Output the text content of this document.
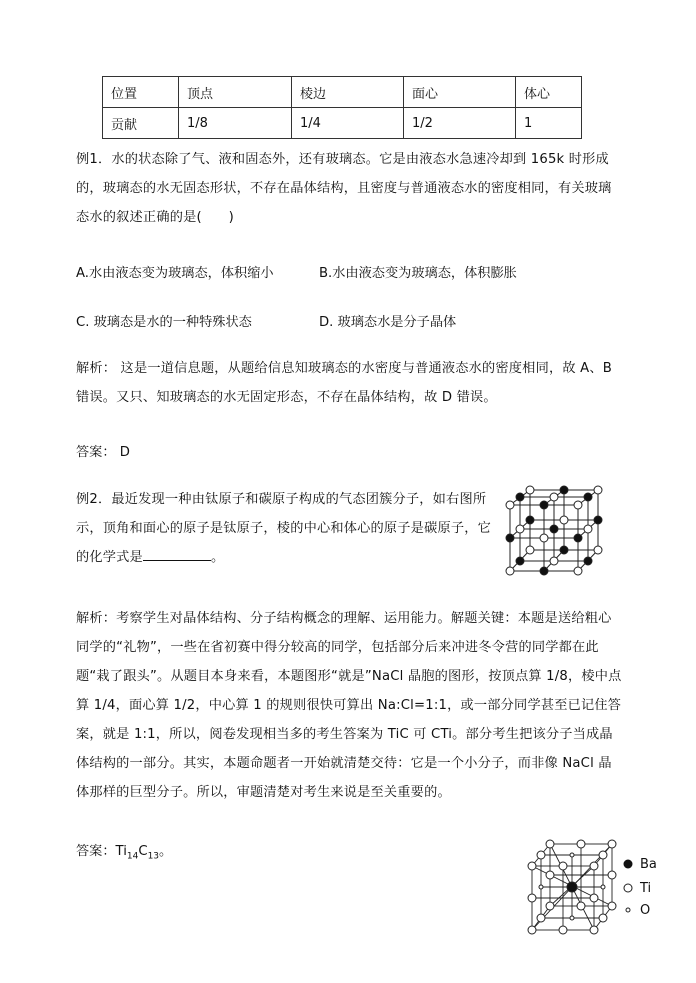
位置	顶点	棱边	面心	体心
贡献	1/8	1/4	1/2	1
例1．水的状态除了气、液和固态外，还有玻璃态。它是由液态水急速冷却到 165k 时形成的，玻璃态的水无固态形状，不存在晶体结构，且密度与普通液态水的密度相同，有关玻璃态水的叙述正确的是(　　)
A.水由液态变为玻璃态，体积缩小	B.水由液态变为玻璃态，体积膨胀
C. 玻璃态是水的一种特殊状态	D. 玻璃态水是分子晶体
解析： 这是一道信息题，从题给信息知玻璃态的水密度与普通液态水的密度相同，故 A、B 错误。又只、知玻璃态的水无固定形态，不存在晶体结构，故 D 错误。
答案： D
例2．最近发现一种由钛原子和碳原子构成的气态团簇分子，如右图所示，顶角和面心的原子是钛原子，棱的中心和体心的原子是碳原子，它的化学式是	。
解析：考察学生对晶体结构、分子结构概念的理解、运用能力。解题关键：本题是送给粗心同学的“礼物”，一些在省初赛中得分较高的同学，包括部分后来冲进冬令营的同学都在此题“栽了跟头”。从题目本身来看，本题图形“就是”NaCl 晶胞的图形，按顶点算 1/8，棱中点算 1/4，面心算 1/2，中心算 1 的规则很快可算出 Na:Cl=1:1，或一部分同学甚至已记住答案，就是 1:1，所以，阅卷发现相当多的考生答案为 TiC 可 CTi。部分考生把该分子当成晶体结构的一部分。其实，本题命题者一开始就清楚交待：它是一个小分子，而非像 NaCl 晶体那样的巨型分子。所以，审题清楚对考生来说是至关重要的。
答案：$Ti_{14}C_{13}$。
Ba
Ti
O
